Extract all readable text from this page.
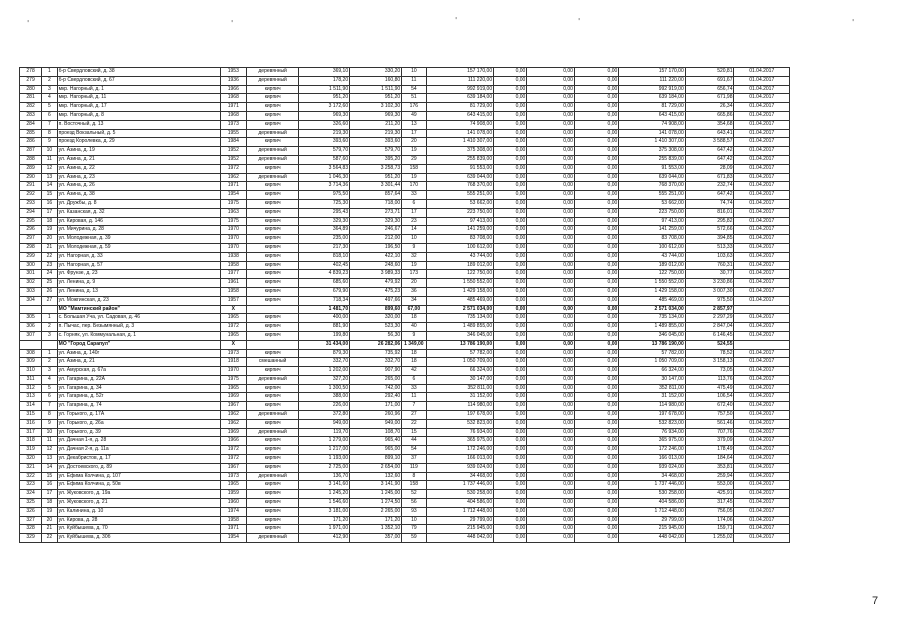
'	'	'	'	'
278	1	б-р Свердловский, д. 38	1953	деревянный	369,10	330,20	10	157 170,00	0,00	0,00	0,00	157 170,00	520,81	01.04.2017
279	2	б-р Свердловский, д. 67	1936	деревянный	178,20	160,80	11	111 220,00	0,00	0,00	0,00	111 220,00	691,67	01.04.2017
280	3	мкр. Нагорный, д. 1	1966	кирпич	1 511,90	1 511,90	54	992 919,00	0,00	0,00	0,00	992 919,00	656,74	01.04.2017
281	4	мкр. Нагорный, д. 11	1968	кирпич	951,20	951,20	51	639 184,00	0,00	0,00	0,00	639 184,00	671,98	01.04.2017
282	5	мкр. Нагорный, д. 17	1971	кирпич	3 172,60	3 102,30	176	81 729,00	0,00	0,00	0,00	81 729,00	26,34	01.04.2017
283	6	мкр. Нагорный, д. 8	1968	кирпич	969,30	969,30	49	643 415,00	0,00	0,00	0,00	643 415,00	665,86	01.04.2017
284	7	п. Восточный, д. 13	1973	кирпич	326,60	211,20	13	74 908,00	0,00	0,00	0,00	74 908,00	354,68	01.04.2017
285	8	проезд Вокзальный, д. 5	1955	деревянный	219,30	219,30	17	141 078,00	0,00	0,00	0,00	141 078,00	643,41	01.04.2017
286	9	проезд Королевка, д. 29	1984	кирпич	393,60	393,60	20	1 410 307,00	0,00	0,00	0,00	1 410 307,00	3 588,57	01.04.2017
287	10	ул. Азина, д. 19	1952	деревянный	579,70	579,70	19	375 308,00	0,00	0,00	0,00	375 308,00	647,42	01.04.2017
288	11	ул. Азина, д. 21	1952	деревянный	587,60	395,20	29	255 839,00	0,00	0,00	0,00	255 839,00	647,42	01.04.2017
289	12	ул. Азина, д. 22	1972	кирпич	3 564,83	3 258,73	158	91 553,00	0,00	0,00	0,00	91 553,00	28,09	01.04.2017
290	13	ул. Азина, д. 23	1962	деревянный	1 046,30	951,20	19	639 044,00	0,00	0,00	0,00	639 044,00	671,83	01.04.2017
291	14	ул. Азина, д. 26	1971	кирпич	3 714,36	3 301,44	170	768 370,00	0,00	0,00	0,00	768 370,00	232,74	01.04.2017
292	15	ул. Азина, д. 38	1954	кирпич	975,50	857,64	33	555 251,00	0,00	0,00	0,00	555 251,00	647,42	01.04.2017
293	16	ул. Дружбы, д. 8	1975	кирпич	725,30	718,00	6	53 662,00	0,00	0,00	0,00	53 662,00	74,74	01.04.2017
294	17	ул. Казанская, д. 32	1963	кирпич	295,43	273,71	17	223 750,00	0,00	0,00	0,00	223 750,00	816,01	01.04.2017
295	18	ул. Кировая, д. 146	1975	кирпич	329,30	329,30	23	97 413,00	0,00	0,00	0,00	97 413,00	295,82	01.04.2017
296	19	ул. Мичурина, д. 28	1970	кирпич	364,89	246,67	14	141 259,00	0,00	0,00	0,00	141 259,00	572,66	01.04.2017
297	20	ул. Молодежная, д. 39	1970	кирпич	235,00	212,00	10	83 708,00	0,00	0,00	0,00	83 708,00	394,85	01.04.2017
298	21	ул. Молодежная, д. 59	1970	кирпич	217,30	196,50	9	100 612,00	0,00	0,00	0,00	100 612,00	513,33	01.04.2017
299	22	ул. Нагорная, д. 33	1938	кирпич	818,10	422,10	32	43 744,00	0,00	0,00	0,00	43 744,00	103,63	01.04.2017
300	23	ул. Нагорная, д. 57	1958	кирпич	402,45	248,60	19	189 012,00	0,00	0,00	0,00	189 012,00	760,31	01.04.2017
301	24	ул. Фрунзе, д. 23	1977	кирпич	4 839,23	3 989,33	173	122 750,00	0,00	0,00	0,00	122 750,00	30,77	01.04.2017
302	25	ул. Ленина, д. 9	1961	кирпич	685,60	479,92	20	1 550 552,00	0,00	0,00	0,00	1 550 552,00	3 230,86	01.04.2017
303	26	ул. Ленина, д. 13	1958	кирпич	679,90	475,23	36	1 429 158,00	0,00	0,00	0,00	1 429 158,00	3 007,30	01.04.2017
304	27	ул. Можгинская, д. 23	1957	кирпич	718,34	497,66	34	485 469,00	0,00	0,00	0,00	485 469,00	975,50	01.04.2017
		МО "Мамтинский район"	X		1 481,70	899,60	67,00	2 571 034,00	0,00	0,00	0,00	2 571 034,00	2 857,97	
305	1	с. Большая Уча, ул. Садовая, д. 46	1965	кирпич	400,00	320,00	18	735 134,00	0,00	0,00	0,00	735 134,00	2 297,29	01.04.2017
306	2	п. Пычас, пер. Безымянный, д. 3	1972	кирпич	881,90	523,30	40	1 489 855,00	0,00	0,00	0,00	1 489 855,00	2 847,04	01.04.2017
307	3	с. Горняк, ул. Коммунальная, д. 1	1965	кирпич	199,80	56,30	9	346 045,00	0,00	0,00	0,00	346 045,00	6 146,45	01.04.2017
		МО "Город Сарапул"	X		31 434,00	26 282,06	1 349,00	13 786 190,00	0,00	0,00	0,00	13 786 190,00	524,55	
308	1	ул. Азина, д. 140г	1973	кирпич	879,30	735,92	18	57 782,00	0,00	0,00	0,00	57 782,00	78,52	01.04.2017
309	2	ул. Азина, д. 21	1918	смешанный	332,70	332,70	18	1 050 709,00	0,00	0,00	0,00	1 050 709,00	3 158,13	01.04.2017
310	3	ул. Амурская, д. 67а	1970	кирпич	1 202,00	907,90	42	66 324,00	0,00	0,00	0,00	66 324,00	73,05	01.04.2017
311	4	ул. Гагарина, д. 22А	1975	деревянный	327,20	265,00	6	30 147,00	0,00	0,00	0,00	30 147,00	113,76	01.04.2017
312	5	ул. Гагарина, д. 34	1965	кирпич	1 300,50	742,00	33	352 811,00	0,00	0,00	0,00	352 811,00	475,49	01.04.2017
313	6	ул. Гагарина, д. 52г	1969	кирпич	388,00	292,40	11	31 152,00	0,00	0,00	0,00	31 152,00	106,54	01.04.2017
314	7	ул. Гагарина, д. 74	1967	кирпич	226,00	171,00	7	114 980,00	0,00	0,00	0,00	114 980,00	672,40	01.04.2017
315	8	ул. Горького, д. 17А	1962	деревянный	372,80	260,96	27	197 678,00	0,00	0,00	0,00	197 678,00	757,50	01.04.2017
316	9	ул. Горького, д. 26а	1962	кирпич	949,00	949,00	22	532 823,00	0,00	0,00	0,00	532 823,00	561,46	01.04.2017
317	10	ул. Горького, д. 39	1969	деревянный	119,70	108,70	15	76 934,00	0,00	0,00	0,00	76 934,00	707,76	01.04.2017
318	11	ул. Дачная 1-я, д. 28	1966	кирпич	1 279,00	965,40	44	365 975,00	0,00	0,00	0,00	365 975,00	379,09	01.04.2017
319	12	ул. Дачная 2-я, д. 11а	1972	кирпич	1 217,00	965,00	54	172 246,00	0,00	0,00	0,00	172 246,00	178,49	01.04.2017
320	13	ул. Декабристов, д. 17	1972	кирпич	1 193,00	899,10	37	166 013,00	0,00	0,00	0,00	166 013,00	184,64	01.04.2017
321	14	ул. Достоевского, д. 89	1967	кирпич	2 725,00	2 654,00	119	939 024,00	0,00	0,00	0,00	939 024,00	353,81	01.04.2017
322	15	ул. Ефима Колчина, д. 107	1973	деревянный	136,70	132,60	8	34 468,00	0,00	0,00	0,00	34 468,00	259,94	01.04.2017
323	16	ул. Ефима Колчина, д. 50в	1965	кирпич	3 141,60	3 141,90	158	1 737 446,00	0,00	0,00	0,00	1 737 446,00	553,00	01.04.2017
324	17	ул. Жуковского, д. 19а	1959	кирпич	1 245,20	1 245,00	52	530 258,00	0,00	0,00	0,00	530 258,00	425,91	01.04.2017
325	18	ул. Жуковского, д. 21	1960	кирпич	1 546,60	1 274,50	56	404 586,00	0,00	0,00	0,00	404 586,00	317,45	01.04.2017
326	19	ул. Калинина, д. 10	1974	кирпич	3 181,00	2 265,00	93	1 712 448,00	0,00	0,00	0,00	1 712 448,00	756,05	01.04.2017
327	20	ул. Кирова, д. 28	1958	кирпич	171,20	171,20	10	29 799,00	0,00	0,00	0,00	29 799,00	174,06	01.04.2017
328	21	ул. Куйбышева, д. 70	1971	кирпич	1 971,00	1 352,10	79	215 945,00	0,00	0,00	0,00	215 945,00	159,71	01.04.2017
329	22	ул. Куйбышева, д. 30б	1954	деревянный	412,90	357,00	59	448 042,00	0,00	0,00	0,00	448 042,00	1 255,02	01.04.2017
7
